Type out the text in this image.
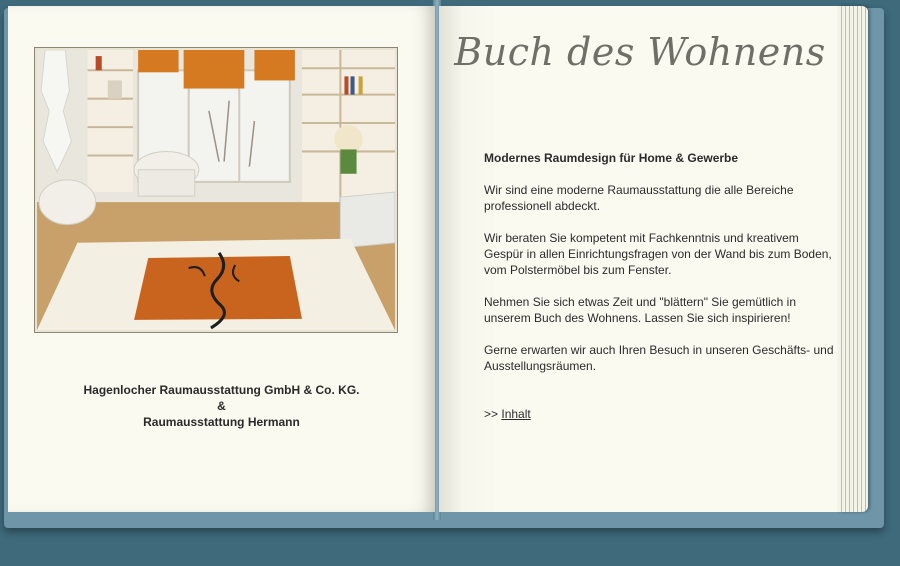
Hagenlocher Raumausstattung GmbH & Co. KG.
&
Raumausstattung Hermann
Buch des Wohnens

Modernes Raumdesign für Home & Gewerbe

Wir sind eine moderne Raumausstattung die alle Bereiche professionell abdeckt.

Wir beraten Sie kompetent mit Fachkenntnis und kreativem Gespür in allen Einrichtungsfragen von der Wand bis zum Boden, vom Polstermöbel bis zum Fenster.

Nehmen Sie sich etwas Zeit und "blättern" Sie gemütlich in unserem Buch des Wohnens. Lassen Sie sich inspirieren!

Gerne erwarten wir auch Ihren Besuch in unseren Geschäfts- und Ausstellungsräumen.

>> Inhalt
